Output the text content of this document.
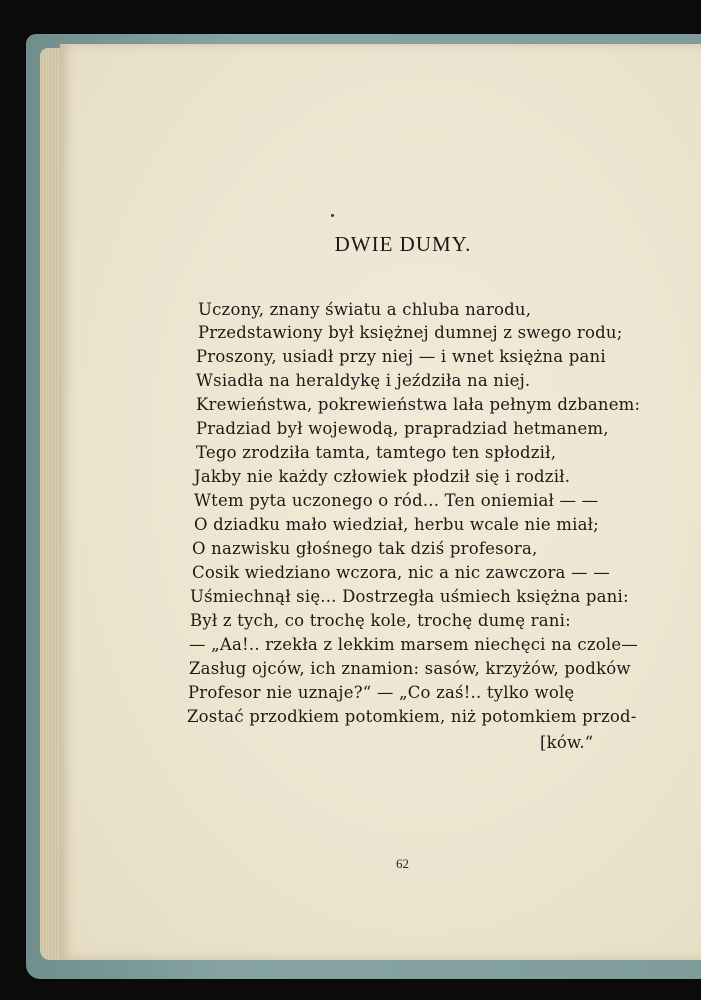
DWIE DUMY.
Uczony, znany światu a chluba narodu,
Przedstawiony był księżnej dumnej z swego rodu;
Proszony, usiadł przy niej — i wnet księżna pani
Wsiadła na heraldykę i jeździła na niej.
Krewieństwa, pokrewieństwa lała pełnym dzbanem:
Pradziad był wojewodą, prapradziad hetmanem,
Tego zrodziła tamta, tamtego ten spłodził,
Jakby nie każdy człowiek płodził się i rodził.
Wtem pyta uczonego o ród... Ten oniemiał — —
O dziadku mało wiedział, herbu wcale nie miał;
O nazwisku głośnego tak dziś profesora,
Cosik wiedziano wczora, nic a nic zawczora — —
Uśmiechnął się... Dostrzegła uśmiech księżna pani:
Był z tych, co trochę kole, trochę dumę rani:
— „Aa!.. rzekła z lekkim marsem niechęci na czole—
Zasług ojców, ich znamion: sasów, krzyżów, podków
Profesor nie uznaje?“ — „Co zaś!.. tylko wolę
Zostać przodkiem potomkiem, niż potomkiem przod-
[ków.“
62
